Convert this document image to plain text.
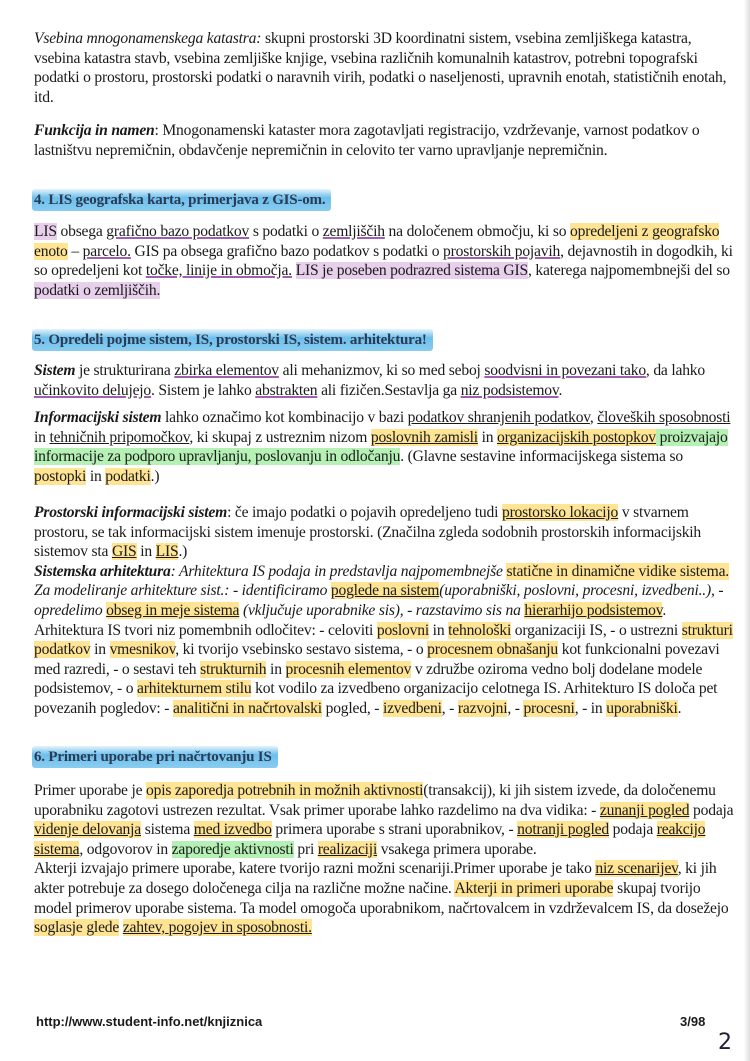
Vsebina mnogonamenskega katastra: skupni prostorski 3D koordinatni sistem, vsebina zemljiškega katastra, vsebina katastra stavb, vsebina zemljiške knjige, vsebina različnih komunalnih katastrov, potrebni topografski podatki o prostoru, prostorski podatki o naravnih virih, podatki o naseljenosti, upravnih enotah, statističnih enotah, itd.
Funkcija in namen: Mnogonamenski kataster mora zagotavljati registracijo, vzdrževanje, varnost podatkov o lastništvu nepremičnin, obdavčenje nepremičnin in celovito ter varno upravljanje nepremičnin.
4. LIS geografska karta, primerjava z GIS-om.
LIS obsega grafično bazo podatkov s podatki o zemljiščih na določenem območju, ki so opredeljeni z geografsko enoto – parcelo. GIS pa obsega grafično bazo podatkov s podatki o prostorskih pojavih, dejavnostih in dogodkih, ki so opredeljeni kot točke, linije in območja. LIS je poseben podrazred sistema GIS, katerega najpomembnejši del so podatki o zemljiščih.
5. Opredeli pojme sistem, IS, prostorski IS, sistem. arhitektura!
Sistem je strukturirana zbirka elementov ali mehanizmov, ki so med seboj soodvisni in povezani tako, da lahko učinkovito delujejo. Sistem je lahko abstrakten ali fizičen.Sestavlja ga niz podsistemov.
Informacijski sistem lahko označimo kot kombinacijo v bazi podatkov shranjenih podatkov, človeških sposobnosti in tehničnih pripomočkov, ki skupaj z ustreznim nizom poslovnih zamisli in organizacijskih postopkov proizvajajo informacije za podporo upravljanju, poslovanju in odločanju. (Glavne sestavine informacijskega sistema so postopki in podatki.)
Prostorski informacijski sistem: če imajo podatki o pojavih opredeljeno tudi prostorsko lokacijo v stvarnem prostoru, se tak informacijski sistem imenuje prostorski. (Značilna zgleda sodobnih prostorskih informacijskih sistemov sta GIS in LIS.)
Sistemska arhitektura: Arhitektura IS podaja in predstavlja najpomembnejše statične in dinamične vidike sistema. Za modeliranje arhitekture sist.: - identificiramo poglede na sistem(uporabniški, poslovni, procesni, izvedbeni..), - opredelimo obseg in meje sistema (vključuje uporabnike sis), - razstavimo sis na hierarhijo podsistemov. Arhitektura IS tvori niz pomembnih odločitev: - celoviti poslovni in tehnološki organizaciji IS, - o ustrezni strukturi podatkov in vmesnikov, ki tvorijo vsebinsko sestavo sistema, - o procesnem obnašanju kot funkcionalni povezavi med razredi, - o sestavi teh strukturnih in procesnih elementov v združbe oziroma vedno bolj dodelane modele podsistemov, - o arhitekturnem stilu kot vodilo za izvedbeno organizacijo celotnega IS. Arhitekturo IS določa pet povezanih pogledov: - analitični in načrtovalski pogled, - izvedbeni, - razvojni, - procesni, - in uporabniški.
6. Primeri uporabe pri načrtovanju IS
Primer uporabe je opis zaporedja potrebnih in možnih aktivnosti(transakcij), ki jih sistem izvede, da določenemu uporabniku zagotovi ustrezen rezultat. Vsak primer uporabe lahko razdelimo na dva vidika: - zunanji pogled podaja videnje delovanja sistema med izvedbo primera uporabe s strani uporabnikov, - notranji pogled podaja reakcijo sistema, odgovorov in zaporedje aktivnosti pri realizaciji vsakega primera uporabe.
Akterji izvajajo primere uporabe, katere tvorijo razni možni scenariji.Primer uporabe je tako niz scenarijev, ki jih akter potrebuje za dosego določenega cilja na različne možne načine. Akterji in primeri uporabe skupaj tvorijo model primerov uporabe sistema. Ta model omogoča uporabnikom, načrtovalcem in vzdrževalcem IS, da dosežejo soglasje glede zahtev, pogojev in sposobnosti.
http://www.student-info.net/knjiznica	3/98
2
